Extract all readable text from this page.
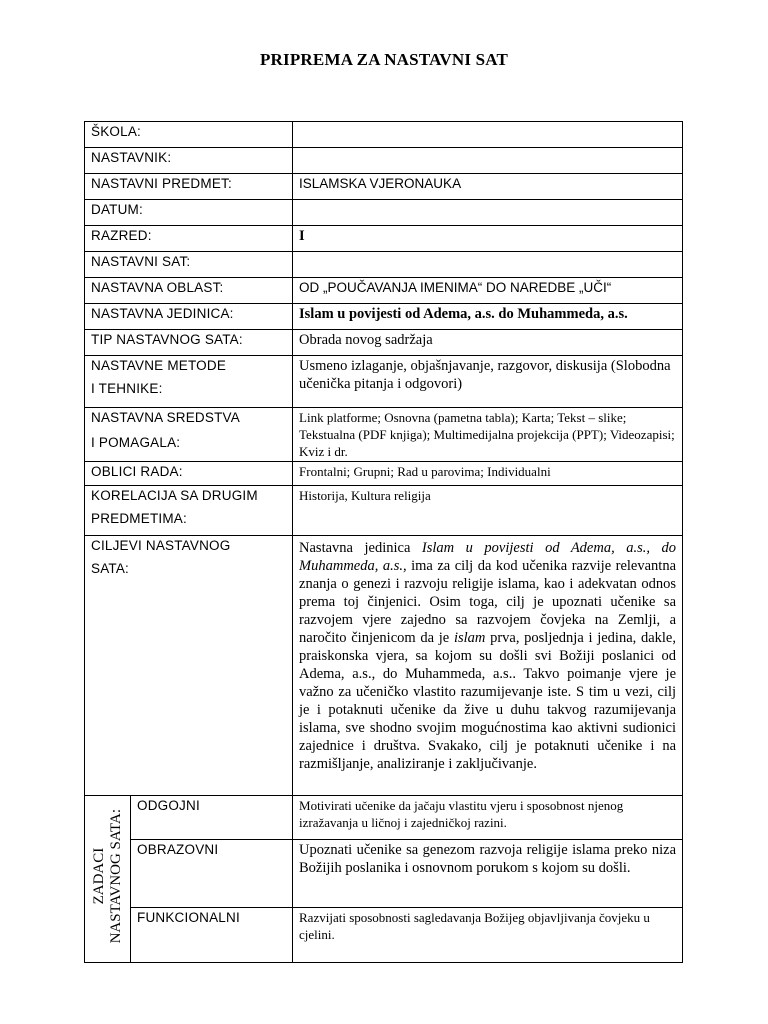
PRIPREMA ZA NASTAVNI SAT
ŠKOLA:		
NASTAVNIK:		
NASTAVNI PREDMET:		ISLAMSKA VJERONAUKA
DATUM:		
RAZRED:		I
NASTAVNI SAT:		
NASTAVNA OBLAST:		OD „POUČAVANJA IMENIMA“ DO NAREDBE „UČI“
NASTAVNA JEDINICA:		Islam u povijesti od Adema, a.s. do Muhammeda, a.s.
TIP NASTAVNOG SATA:		Obrada novog sadržaja
NASTAVNE METODE
I TEHNIKE:		Usmeno izlaganje, objašnjavanje, razgovor, diskusija (Slobodna učenička pitanja i odgovori)
NASTAVNA SREDSTVA
I POMAGALA:		Link platforme; Osnovna (pametna tabla); Karta; Tekst – slike; Tekstualna (PDF knjiga); Multimedijalna projekcija (PPT); Videozapisi; Kviz i dr.
OBLICI RADA:		Frontalni; Grupni; Rad u parovima; Individualni
KORELACIJA SA DRUGIM
PREDMETIMA:		Historija, Kultura religija
CILJEVI NASTAVNOG
SATA:		Nastavna jedinica Islam u povijesti od Adema, a.s., do Muhammeda, a.s., ima za cilj da kod učenika razvije relevantna znanja o genezi i razvoju religije islama, kao i adekvatan odnos prema toj činjenici. Osim toga, cilj je upoznati učenike sa razvojem vjere zajedno sa razvojem čovjeka na Zemlji, a naročito činjenicom da je islam prva, posljednja i jedina, dakle, praiskonska vjera, sa kojom su došli svi Božiji poslanici od Adema, a.s., do Muhammeda, a.s.. Takvo poimanje vjere je važno za učeničko vlastito razumijevanje iste. S tim u vezi, cilj je i potaknuti učenike da žive u duhu takvog razumijevanja islama, sve shodno svojim mogućnostima kao aktivni sudionici zajednice i društva. Svakako, cilj je potaknuti učenike i na razmišljanje, analiziranje i zaključivanje.

ZADACI NASTAVNOG SATA:	ODGOJNI	Motivirati učenike da jačaju vlastitu vjeru i sposobnost njenog izražavanja u ličnoj i zajedničkoj razini.
	OBRAZOVNI	Upoznati učenike sa genezom razvoja religije islama preko niza Božijih poslanika i osnovnom porukom s kojom su došli.
	FUNKCIONALNI	Razvijati sposobnosti sagledavanja Božijeg objavljivanja čovjeku u cjelini.
